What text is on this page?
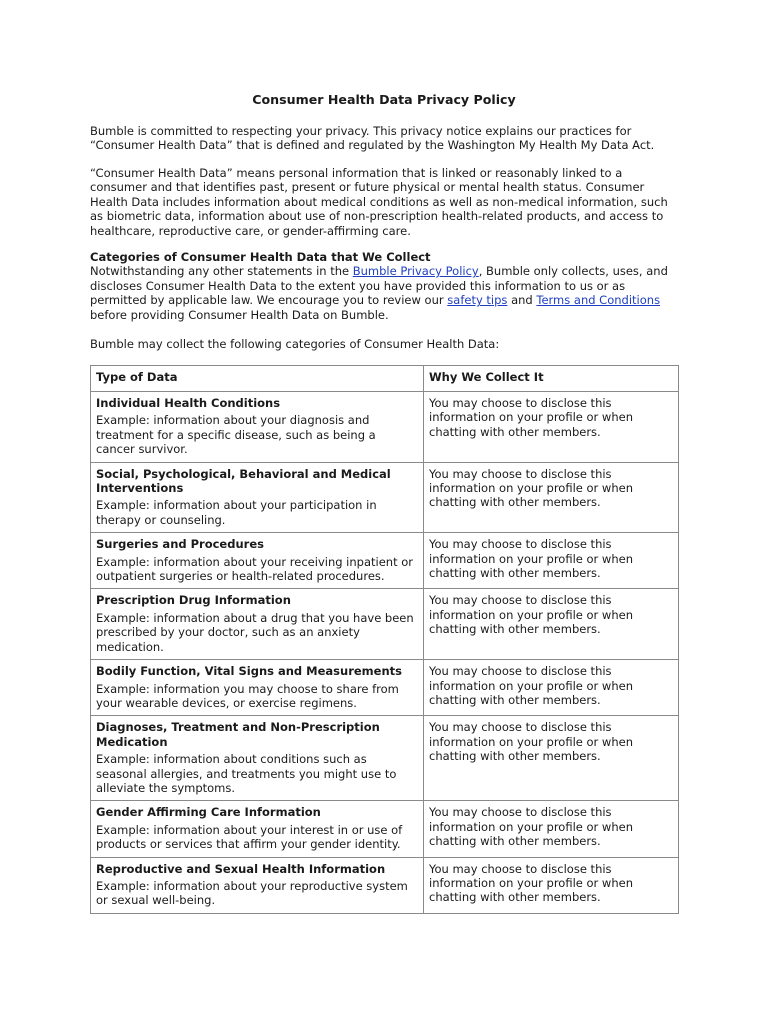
Consumer Health Data Privacy Policy

Bumble is committed to respecting your privacy. This privacy notice explains our practices for “Consumer Health Data” that is defined and regulated by the Washington My Health My Data Act.

“Consumer Health Data” means personal information that is linked or reasonably linked to a consumer and that identifies past, present or future physical or mental health status. Consumer Health Data includes information about medical conditions as well as non-medical information, such as biometric data, information about use of non-prescription health-related products, and access to healthcare, reproductive care, or gender-affirming care.

Categories of Consumer Health Data that We Collect
Notwithstanding any other statements in the Bumble Privacy Policy, Bumble only collects, uses, and discloses Consumer Health Data to the extent you have provided this information to us or as permitted by applicable law. We encourage you to review our safety tips and Terms and Conditions before providing Consumer Health Data on Bumble.

Bumble may collect the following categories of Consumer Health Data:

Type of Data	Why We Collect It

Individual Health Conditions
Example: information about your diagnosis and treatment for a specific disease, such as being a cancer survivor.	You may choose to disclose this information on your profile or when chatting with other members.

Social, Psychological, Behavioral and Medical Interventions
Example: information about your participation in therapy or counseling.	You may choose to disclose this information on your profile or when chatting with other members.

Surgeries and Procedures
Example: information about your receiving inpatient or outpatient surgeries or health-related procedures.	You may choose to disclose this information on your profile or when chatting with other members.

Prescription Drug Information
Example: information about a drug that you have been prescribed by your doctor, such as an anxiety medication.	You may choose to disclose this information on your profile or when chatting with other members.

Bodily Function, Vital Signs and Measurements
Example: information you may choose to share from your wearable devices, or exercise regimens.	You may choose to disclose this information on your profile or when chatting with other members.

Diagnoses, Treatment and Non-Prescription Medication
Example: information about conditions such as seasonal allergies, and treatments you might use to alleviate the symptoms.	You may choose to disclose this information on your profile or when chatting with other members.

Gender Affirming Care Information
Example: information about your interest in or use of products or services that affirm your gender identity.	You may choose to disclose this information on your profile or when chatting with other members.

Reproductive and Sexual Health Information
Example: information about your reproductive system or sexual well-being.	You may choose to disclose this information on your profile or when chatting with other members.
